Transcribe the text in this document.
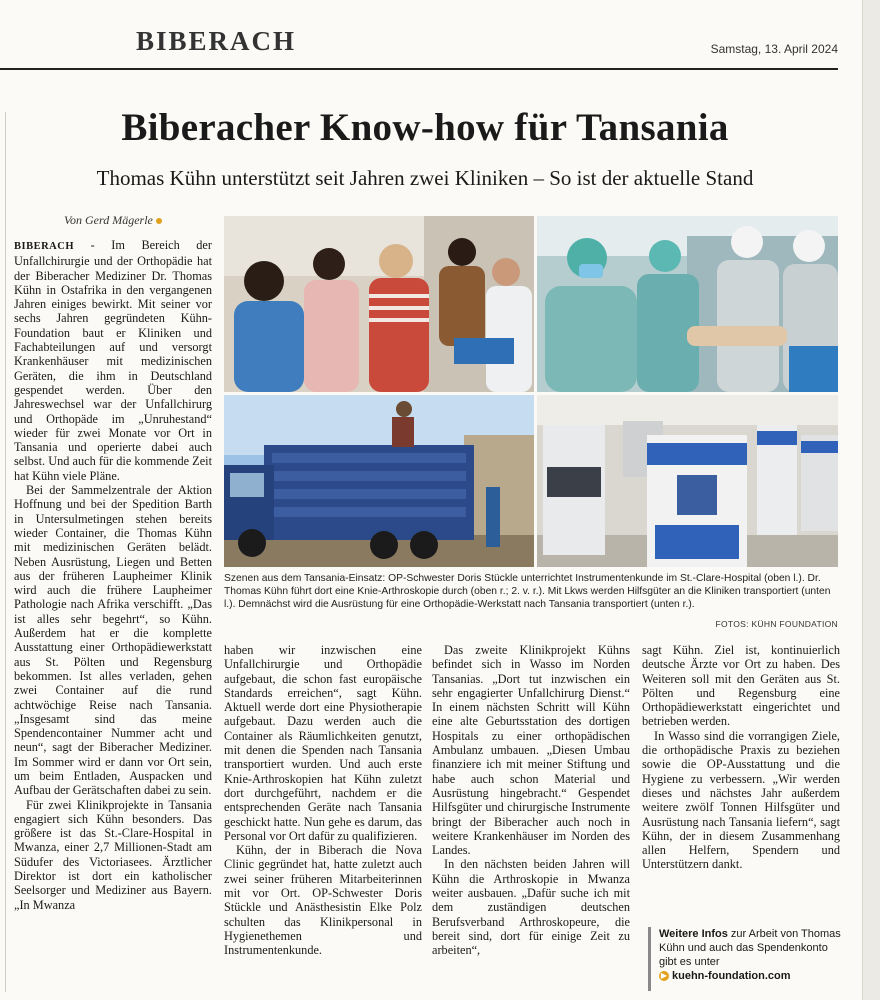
BIBERACH	Samstag, 13. April 2024
Biberacher Know-how für Tansania
Thomas Kühn unterstützt seit Jahren zwei Kliniken – So ist der aktuelle Stand
Von Gerd Mägerle

BIBERACH - Im Bereich der Unfallchirurgie und der Orthopädie hat der Biberacher Mediziner Dr. Thomas Kühn in Ostafrika in den vergangenen Jahren einiges bewirkt. Mit seiner vor sechs Jahren gegründeten Kühn-Foundation baut er Kliniken und Fachabteilungen auf und versorgt Krankenhäuser mit medizinischen Geräten, die ihm in Deutschland gespendet werden. Über den Jahreswechsel war der Unfallchirurg und Orthopäde im „Unruhestand“ wieder für zwei Monate vor Ort in Tansania und operierte dabei auch selbst. Und auch für die kommende Zeit hat Kühn viele Pläne.

Bei der Sammelzentrale der Aktion Hoffnung und bei der Spedition Barth in Untersulmetingen stehen bereits wieder Container, die Thomas Kühn mit medizinischen Geräten belädt. Neben Ausrüstung, Liegen und Betten aus der früheren Laupheimer Klinik wird auch die frühere Laupheimer Pathologie nach Afrika verschifft. „Das ist alles sehr begehrt“, so Kühn. Außerdem hat er die komplette Ausstattung einer Orthopädiewerkstatt aus St. Pölten und Regensburg bekommen. Ist alles verladen, gehen zwei Container auf die rund achtwöchige Reise nach Tansania. „Insgesamt sind das meine Spendencontainer Nummer acht und neun“, sagt der Biberacher Mediziner. Im Sommer wird er dann vor Ort sein, um beim Entladen, Auspacken und Aufbau der Gerätschaften dabei zu sein.

Für zwei Klinikprojekte in Tansania engagiert sich Kühn besonders. Das größere ist das St.-Clare-Hospital in Mwanza, einer 2,7 Millionen-Stadt am Südufer des Victoriasees. Ärztlicher Direktor ist dort ein katholischer Seelsorger und Mediziner aus Bayern. „In Mwanza

Szenen aus dem Tansania-Einsatz: OP-Schwester Doris Stückle unterrichtet Instrumentenkunde im St.-Clare-Hospital (oben l.). Dr. Thomas Kühn führt dort eine Knie-Arthroskopie durch (oben r.; 2. v. r.). Mit Lkws werden Hilfsgüter an die Kliniken transportiert (unten l.). Demnächst wird die Ausrüstung für eine Orthopädie-Werkstatt nach Tansania transportiert (unten r.).
FOTOS: KÜHN FOUNDATION

haben wir inzwischen eine Unfallchirurgie und Orthopädie aufgebaut, die schon fast europäische Standards erreichen“, sagt Kühn. Aktuell werde dort eine Physiotherapie aufgebaut. Dazu werden auch die Container als Räumlichkeiten genutzt, mit denen die Spenden nach Tansania transportiert wurden. Und auch erste Knie-Arthroskopien hat Kühn zuletzt dort durchgeführt, nachdem er die entsprechenden Geräte nach Tansania geschickt hatte. Nun gehe es darum, das Personal vor Ort dafür zu qualifizieren.

Kühn, der in Biberach die Nova Clinic gegründet hat, hatte zuletzt auch zwei seiner früheren Mitarbeiterinnen mit vor Ort. OP-Schwester Doris Stückle und Anästhesistin Elke Polz schulten das Klinikpersonal in Hygienethemen und Instrumentenkunde.

Das zweite Klinikprojekt Kühns befindet sich in Wasso im Norden Tansanias. „Dort tut inzwischen ein sehr engagierter Unfallchirurg Dienst.“ In einem nächsten Schritt will Kühn eine alte Geburtsstation des dortigen Hospitals zu einer orthopädischen Ambulanz umbauen. „Diesen Umbau finanziere ich mit meiner Stiftung und habe auch schon Material und Ausrüstung hingebracht.“ Gespendet Hilfsgüter und chirurgische Instrumente bringt der Biberacher auch noch in weitere Krankenhäuser im Norden des Landes.

In den nächsten beiden Jahren will Kühn die Arthroskopie in Mwanza weiter ausbauen. „Dafür suche ich mit dem zuständigen deutschen Berufsverband Arthroskopeure, die bereit sind, dort für einige Zeit zu arbeiten“,

sagt Kühn. Ziel ist, kontinuierlich deutsche Ärzte vor Ort zu haben. Des Weiteren soll mit den Geräten aus St. Pölten und Regensburg eine Orthopädiewerkstatt eingerichtet und betrieben werden.

In Wasso sind die vorrangigen Ziele, die orthopädische Praxis zu beziehen sowie die OP-Ausstattung und die Hygiene zu verbessern. „Wir werden dieses und nächstes Jahr außerdem weitere zwölf Tonnen Hilfsgüter und Ausrüstung nach Tansania liefern“, sagt Kühn, der in diesem Zusammenhang allen Helfern, Spendern und Unterstützern dankt.

Weitere Infos zur Arbeit von Thomas Kühn und auch das Spendenkonto gibt es unter
▶ kuehn-foundation.com
